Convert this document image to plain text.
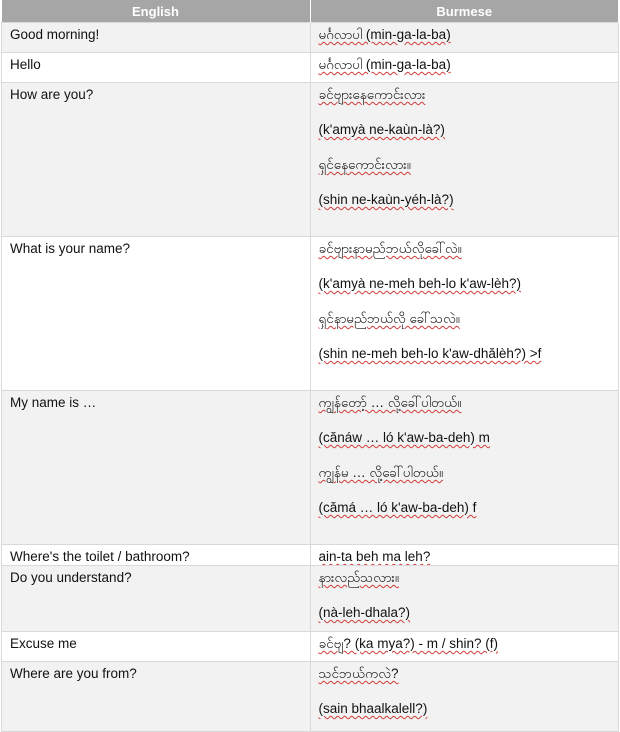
English	Burmese
Good morning!	မင်္ဂလာပါ (min-ga-la-ba)

Hello	မင်္ဂလာပါ (min-ga-la-ba)

How are you?	ခင်ဗျားနေကောင်းလား
(k'amyà ne-kaùn-là?)
ရှင်နေကောင်းလား။
(shin ne-kaùn-yéh-là?)

What is your name?	ခင်ဗျားနာမည်ဘယ်လိုခေါ်လဲ။
(k'amyà ne-meh beh-lo k'aw-lèh?)
ရှင်နာမည်ဘယ်လို ခေါ်သလဲ။
(shin ne-meh beh-lo k'aw-dhălèh?) >f

My name is …	ကျွန်တော့် … လို့ခေါ်ပါတယ်။
(cănáw … ló k'aw-ba-deh) m
ကျွန်မ … လို့ခေါ်ပါတယ်။
(cămá … ló k'aw-ba-deh) f

Where's the toilet / bathroom?	ain-ta beh ma leh?

Do you understand?	နားလည်သလား။
(nà-leh-dhala?)

Excuse me	ခင်ဗျ? (ka mya?) - m / shin? (f)

Where are you from?	သင်ဘယ်ကလဲ?
(sain bhaalkalell?)
